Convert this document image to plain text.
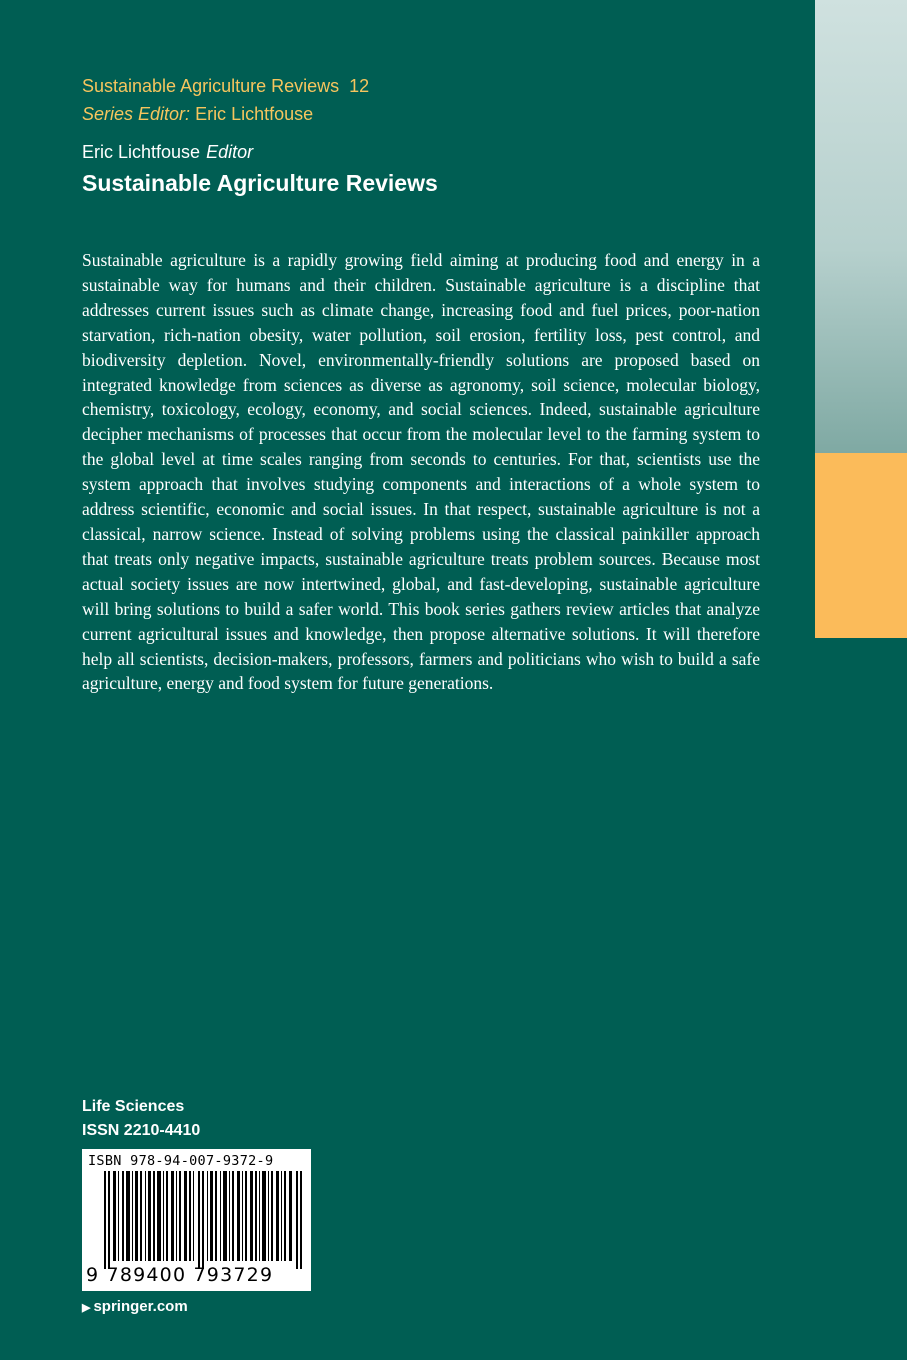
Sustainable Agriculture Reviews 12
Series Editor: Eric Lichtfouse
Eric Lichtfouse Editor
Sustainable Agriculture Reviews

Sustainable agriculture is a rapidly growing field aiming at producing food and energy in a sustainable way for humans and their children. Sustainable agriculture is a discipline that addresses current issues such as climate change, increasing food and fuel prices, poor-nation starvation, rich-nation obesity, water pollution, soil erosion, fertility loss, pest control, and biodiversity depletion. Novel, environmentally-friendly solutions are proposed based on integrated knowledge from sciences as diverse as agronomy, soil science, molecular biology, chemistry, toxicology, ecology, economy, and social sciences. Indeed, sustainable agriculture decipher mechanisms of processes that occur from the molecular level to the farming system to the global level at time scales ranging from seconds to centuries. For that, scientists use the system approach that involves studying components and interactions of a whole system to address scientific, economic and social issues. In that respect, sustainable agriculture is not a classical, narrow science. Instead of solving problems using the classical painkiller approach that treats only negative impacts, sustainable agriculture treats problem sources. Because most actual society issues are now intertwined, global, and fast-developing, sustainable agriculture will bring solutions to build a safer world. This book series gathers review articles that analyze current agricultural issues and knowledge, then propose alternative solutions. It will therefore help all scientists, decision-makers, professors, farmers and politicians who wish to build a safe agriculture, energy and food system for future generations.

Life Sciences
ISSN 2210-4410
ISBN 978-94-007-9372-9
9 789400 793729
▶ springer.com
